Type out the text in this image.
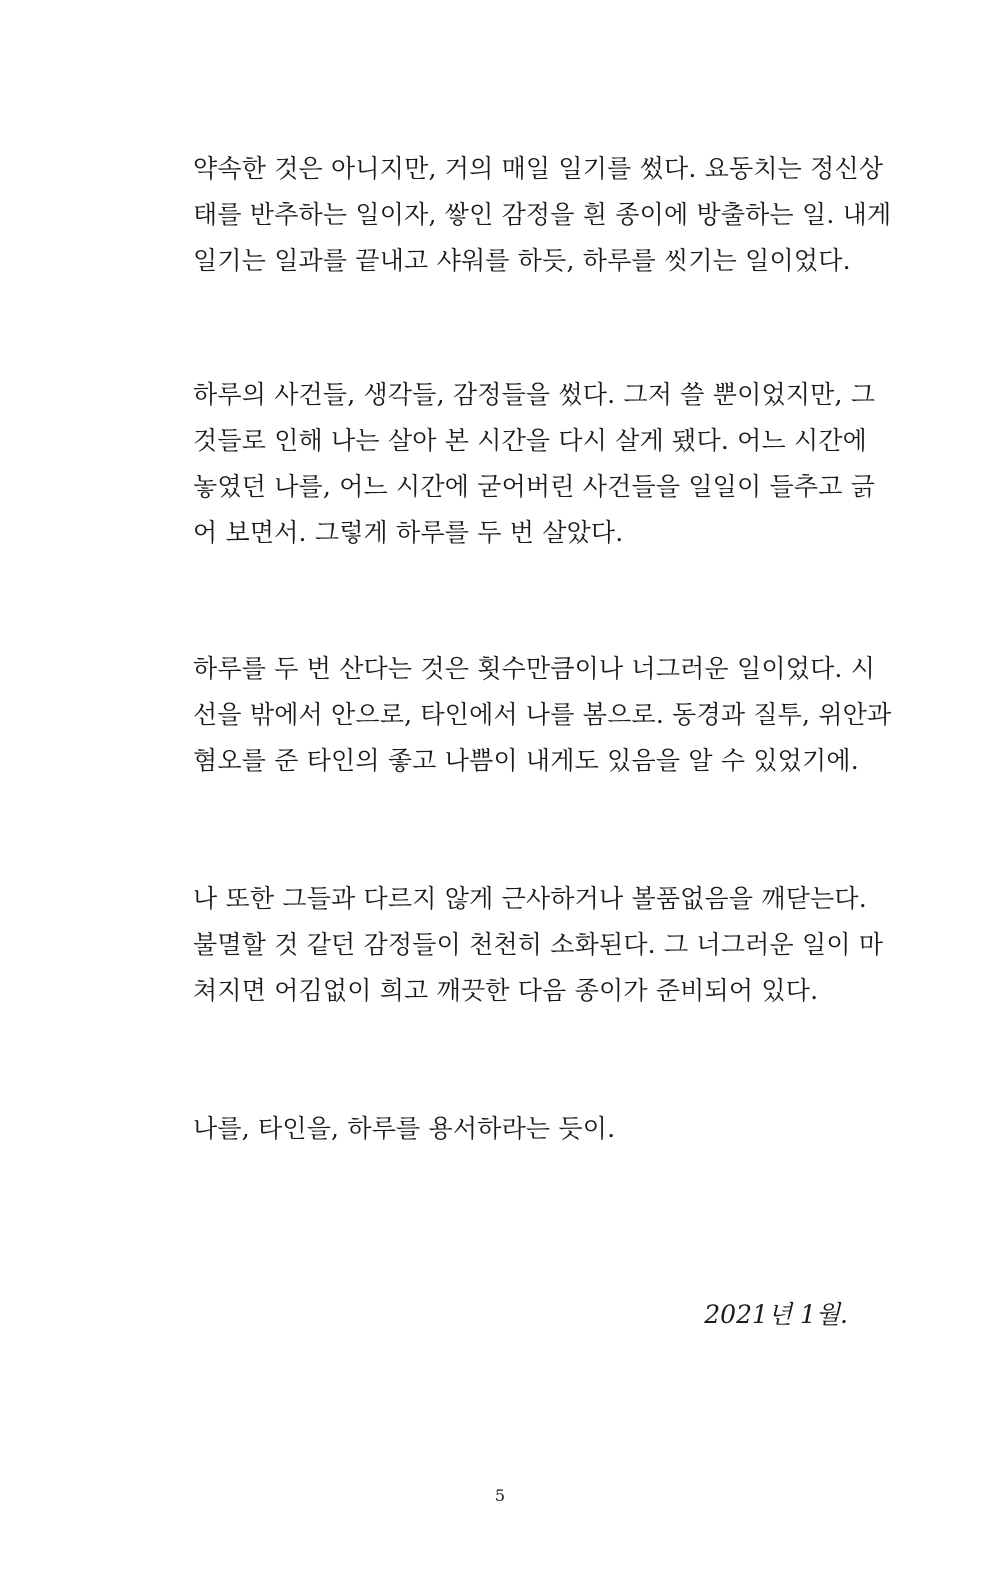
약속한 것은 아니지만, 거의 매일 일기를 썼다. 요동치는 정신상
태를 반추하는 일이자, 쌓인 감정을 흰 종이에 방출하는 일. 내게
일기는 일과를 끝내고 샤워를 하듯, 하루를 씻기는 일이었다.

하루의 사건들, 생각들, 감정들을 썼다. 그저 쓸 뿐이었지만, 그
것들로 인해 나는 살아 본 시간을 다시 살게 됐다. 어느 시간에
놓였던 나를, 어느 시간에 굳어버린 사건들을 일일이 들추고 긁
어 보면서. 그렇게 하루를 두 번 살았다.

하루를 두 번 산다는 것은 횟수만큼이나 너그러운 일이었다. 시
선을 밖에서 안으로, 타인에서 나를 봄으로. 동경과 질투, 위안과
혐오를 준 타인의 좋고 나쁨이 내게도 있음을 알 수 있었기에.

나 또한 그들과 다르지 않게 근사하거나 볼품없음을 깨닫는다.
불멸할 것 같던 감정들이 천천히 소화된다. 그 너그러운 일이 마
쳐지면 어김없이 희고 깨끗한 다음 종이가 준비되어 있다.

나를, 타인을, 하루를 용서하라는 듯이.

2021년 1월.
5
